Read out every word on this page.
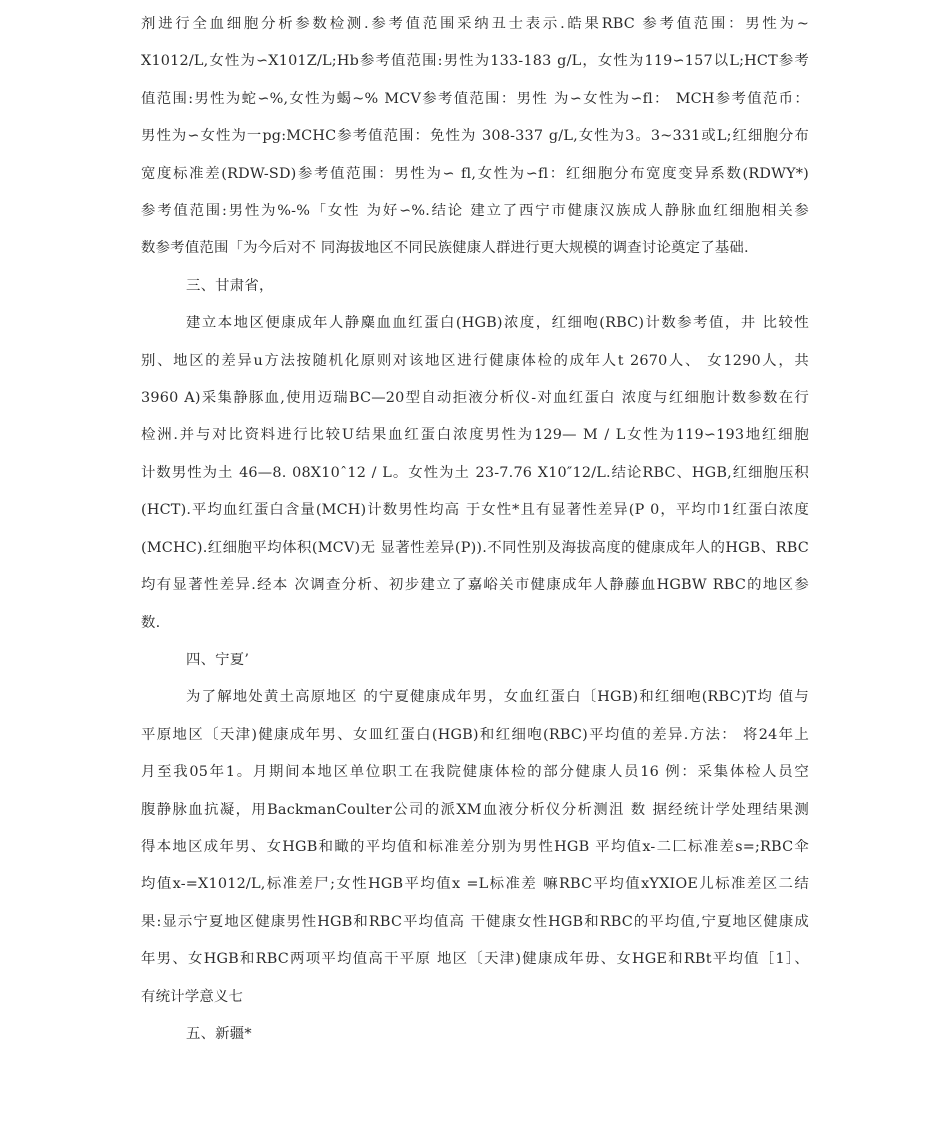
剂进行全血细胞分析参数检测.参考值范围采纳丑士表示.皓果RBC 参考值范围：男性为~
X1012/L,女性为∽X101Z/L;Hb参考值范围:男性为133-183 g/L，女性为119∽157以L;HCT参考
值范围:男性为蛇∽%,女性为蝎~% MCV参考值范围：男性 为∽女性为∽fl： MCH参考值范币：
男性为∽女性为一pg:MCHC参考值范围：免性为 308-337 g/L,女性为3。3~331或L;红细胞分布
宽度标准差(RDW-SD)参考值范围：男性为∽ fl,女性为∽fl：红细胞分布宽度变异系数(RDWY*)
参考值范围:男性为%-%「女性 为好∽%.结论 建立了西宁市健康汉族成人静脉血红细胞相关参
数参考值范围「为今后对不 同海拔地区不同民族健康人群进行更大规模的调查讨论奠定了基础.

三、甘肃省，

建立本地区便康成年人静麋血血红蛋白(HGB)浓度，红细咆(RBC)计数参考值，井 比较性
别、地区的差异u方法按随机化原则对该地区进行健康体检的成年人t 2670人、 女1290人，共
3960 A)采集静豚血,使用迈瑞BC—20型自动拒液分析仪-对血红蛋白 浓度与红细胞计数参数在行
检洲.并与对比资料进行比较U结果血红蛋白浓度男性为129— M / L女性为119∽193地红细胞
计数男性为土 46—8. 08X10ˆ12 / L。女性为土 23-7.76 X10″12/L.结论RBC、HGB,红细胞压积
(HCT).平均血红蛋白含量(MCH)计数男性均高 于女性*且有显著性差异(P 0，平均巾1红蛋白浓度
(MCHC).红细胞平均体积(MCV)无 显著性差异(P)).不同性别及海拔高度的健康成年人的HGB、RBC
均有显著性差异.经本 次调查分析、初步建立了嘉峪关市健康成年人静藤血HGBW RBC的地区参
数.

四、宁夏’

为了解地处黄土高原地区 的宁夏健康成年男，女血红蛋白〔HGB)和红细咆(RBC)T均 值与
平原地区〔天津)健康成年男、女皿红蛋白(HGB)和红细咆(RBC)平均值的差异.方法： 将24年上
月至我05年1。月期间本地区单位职工在我院健康体检的部分健康人员16 例：采集体检人员空
腹静脉血抗凝，用BackmanCoulter公司的派XM血液分析仪分析测沮 数 据经统计学处理结果测
得本地区成年男、女HGB和瞰的平均值和标准差分别为男性HGB 平均值x-二匚标准差s=;RBC伞
均值x-=X1012/L,标准差尸;女性HGB平均值x =L标准差 嘛RBC平均值xYXIOE儿标准差区二结
果:显示宁夏地区健康男性HGB和RBC平均值高 干健康女性HGB和RBC的平均值,宁夏地区健康成
年男、女HGB和RBC两项平均值高干平原 地区〔天津)健康成年毋、女HGE和RBt平均值［1］、
有统计学意义七

五、新疆*
